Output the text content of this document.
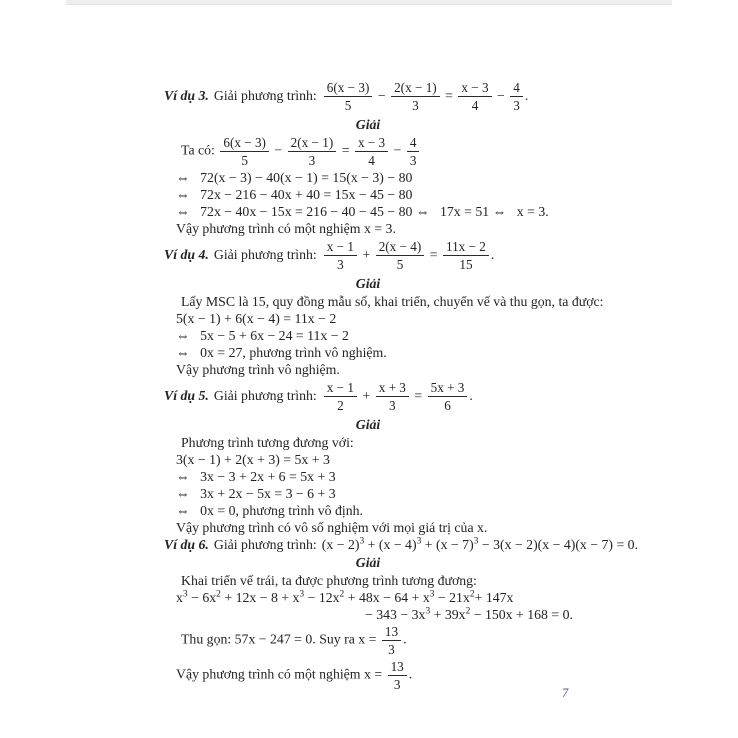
Ví dụ 3. Giải phương trình: $\frac{6(x - 3)}{5} - \frac{2(x - 1)}{3} = \frac{x - 3}{4} - \frac{4}{3}$ .
Giải
Ta có: $\frac{6(x - 3)}{5} - \frac{2(x - 1)}{3} = \frac{x - 3}{4} - \frac{4}{3}$
⇔  72(x − 3) − 40(x − 1) = 15(x − 3) − 80
⇔  72x − 216 − 40x + 40 = 15x − 45 − 80
⇔  72x − 40x − 15x = 216 − 40 − 45 − 80 ⇔  17x = 51 ⇔  x = 3.
Vậy phương trình có một nghiệm x = 3.
Ví dụ 4. Giải phương trình: $\frac{x - 1}{3} + \frac{2(x - 4)}{5} = \frac{11x - 2}{15}$ .
Giải
Lấy MSC là 15, quy đồng mẫu số, khai triển, chuyển vế và thu gọn, ta được:
5(x − 1) + 6(x − 4) = 11x − 2
⇔  5x − 5 + 6x − 24 = 11x − 2
⇔  0x = 27, phương trình vô nghiệm.
Vậy phương trình vô nghiệm.
Ví dụ 5. Giải phương trình: $\frac{x - 1}{2} + \frac{x + 3}{3} = \frac{5x + 3}{6}$ .
Giải
Phương trình tương đương với:
3(x − 1) + 2(x + 3) = 5x + 3
⇔  3x − 3 + 2x + 6 = 5x + 3
⇔  3x + 2x − 5x = 3 − 6 + 3
⇔  0x = 0, phương trình vô định.
Vậy phương trình có vô số nghiệm với mọi giá trị của x.
Ví dụ 6. Giải phương trình: $(x - 2)^3 + (x - 4)^3 + (x - 7)^3 - 3(x - 2)(x - 4)(x - 7) = 0$.
Giải
Khai triển vế trái, ta được phương trình tương đương:
$x^3 - 6x^2 + 12x - 8 + x^3 - 12x^2 + 48x - 64 + x^3 - 21x^2+ 147x$
− $343 - 3x^3 + 39x^2 - 150x + 168 = 0$.
Thu gọn: 57x − 247 = 0. Suy ra $x = \frac{13}{3}$ .
Vậy phương trình có một nghiệm $x = \frac{13}{3}$ .
7
